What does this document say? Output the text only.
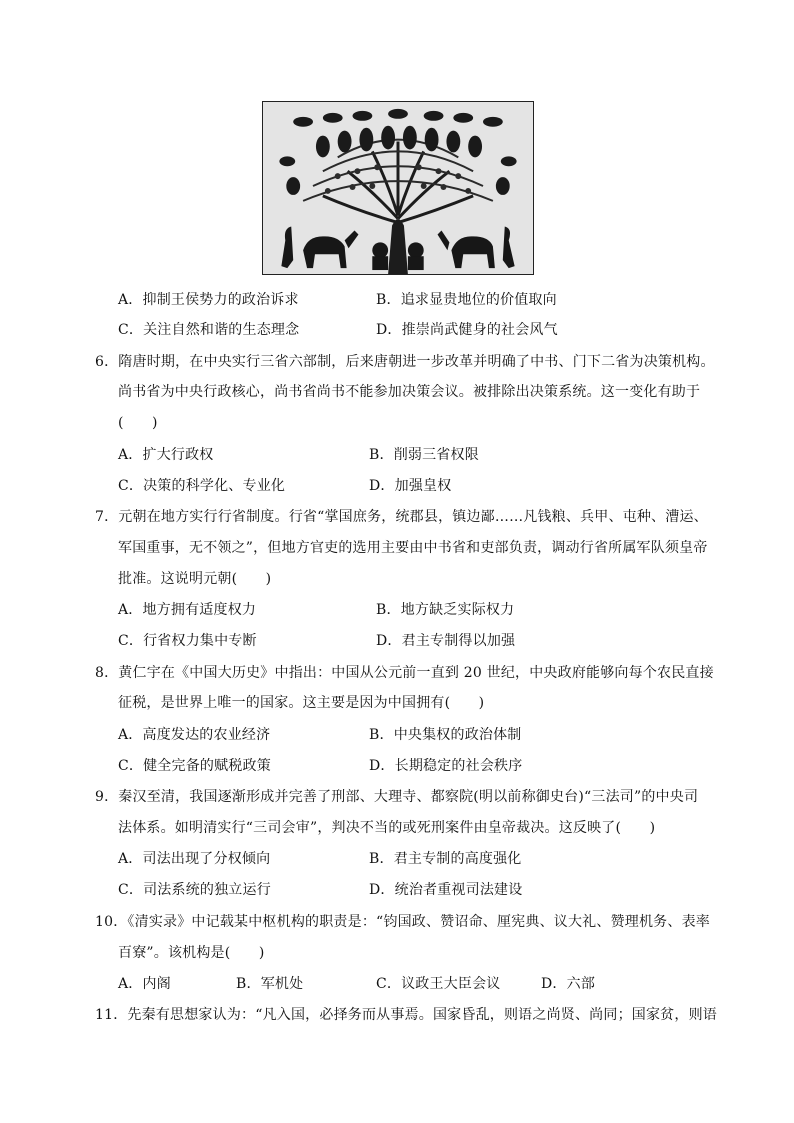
A．抑制王侯势力的政治诉求	B．追求显贵地位的价值取向
C．关注自然和谐的生态理念	D．推崇尚武健身的社会风气
6．隋唐时期，在中央实行三省六部制，后来唐朝进一步改革并明确了中书、门下二省为决策机构。
尚书省为中央行政核心，尚书省尚书不能参加决策会议。被排除出决策系统。这一变化有助于
(　　)
A．扩大行政权	B．削弱三省权限
C．决策的科学化、专业化	D．加强皇权
7．元朝在地方实行行省制度。行省“掌国庶务，统郡县，镇边鄙……凡钱粮、兵甲、屯种、漕运、
军国重事，无不领之”，但地方官吏的选用主要由中书省和吏部负责，调动行省所属军队须皇帝
批准。这说明元朝(　　)
A．地方拥有适度权力	B．地方缺乏实际权力
C．行省权力集中专断	D．君主专制得以加强
8．黄仁宇在《中国大历史》中指出：中国从公元前一直到 20 世纪，中央政府能够向每个农民直接
征税，是世界上唯一的国家。这主要是因为中国拥有(　　)
A．高度发达的农业经济	B．中央集权的政治体制
C．健全完备的赋税政策	D．长期稳定的社会秩序
9．秦汉至清，我国逐渐形成并完善了刑部、大理寺、都察院(明以前称御史台)“三法司”的中央司
法体系。如明清实行“三司会审”，判决不当的或死刑案件由皇帝裁决。这反映了(　　)
A．司法出现了分权倾向	B．君主专制的高度强化
C．司法系统的独立运行	D．统治者重视司法建设
10．《清实录》中记载某中枢机构的职责是：“钧国政、赞诏命、厘宪典、议大礼、赞理机务、表率
百寮”。该机构是(　　)
A．内阁	B．军机处	C．议政王大臣会议	D．六部
11．先秦有思想家认为：“凡入国，必择务而从事焉。国家昏乱，则语之尚贤、尚同；国家贫，则语
